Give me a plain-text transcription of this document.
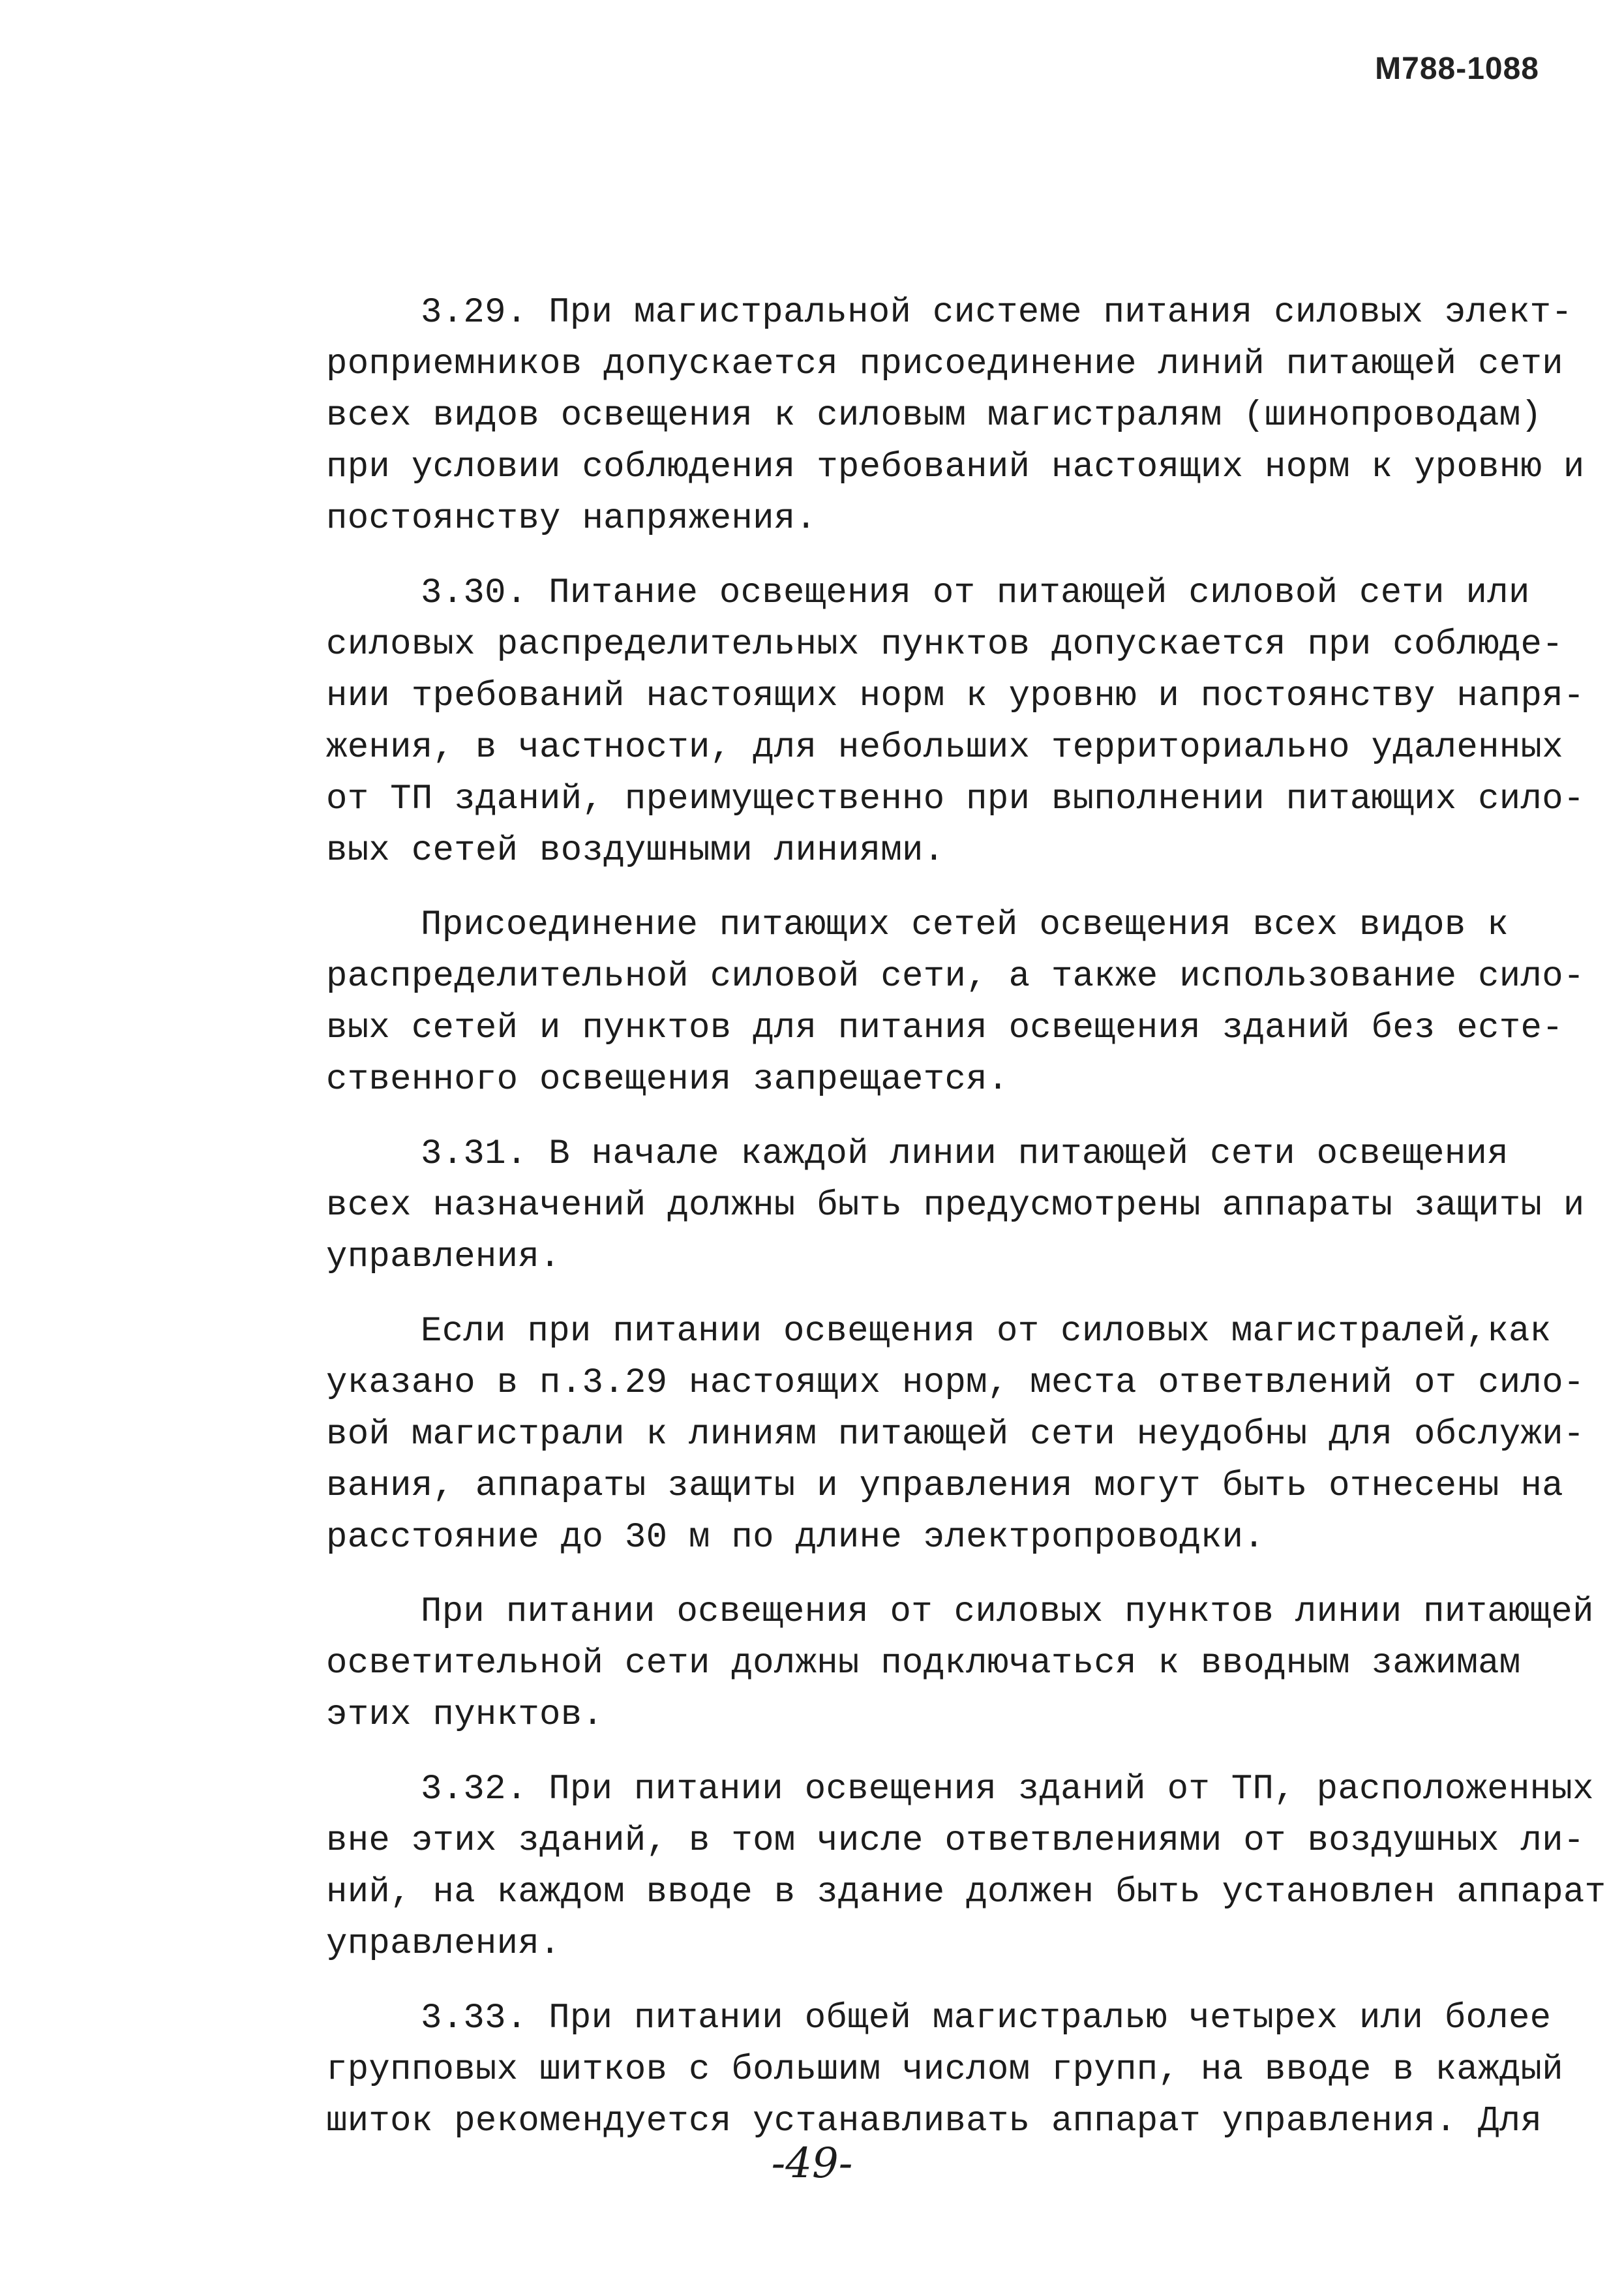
М788-1088
3.29. При магистральной системе питания силовых элект-
роприемников допускается присоединение линий питающей сети
всех видов освещения к силовым магистралям (шинопроводам)
при условии соблюдения требований настоящих норм к уровню и
постоянству напряжения.
3.30. Питание освещения от питающей силовой сети или
силовых распределительных пунктов допускается при соблюде-
нии требований настоящих норм к уровню и постоянству напря-
жения, в частности, для небольших территориально удаленных
от ТП зданий, преимущественно при выполнении питающих сило-
вых сетей воздушными линиями.
Присоединение питающих сетей освещения всех видов к
распределительной силовой сети, а также использование сило-
вых сетей и пунктов для питания освещения зданий без есте-
ственного освещения запрещается.
3.31. В начале каждой линии питающей сети освещения
всех назначений должны быть предусмотрены аппараты защиты и
управления.
Если при питании освещения от силовых магистралей,как
указано в п.3.29 настоящих норм, места ответвлений от сило-
вой магистрали к линиям питающей сети неудобны для обслужи-
вания, аппараты защиты и управления могут быть отнесены на
расстояние до 30 м по длине электропроводки.
При питании освещения от силовых пунктов линии питающей
осветительной сети должны подключаться к вводным зажимам
этих пунктов.
3.32. При питании освещения зданий от ТП, расположенных
вне этих зданий, в том числе ответвлениями от воздушных ли-
ний, на каждом вводе в здание должен быть установлен аппарат
управления.
3.33. При питании общей магистралью четырех или более
групповых шитков с большим числом групп, на вводе в каждый
шиток рекомендуется устанавливать аппарат управления. Для
-49-
